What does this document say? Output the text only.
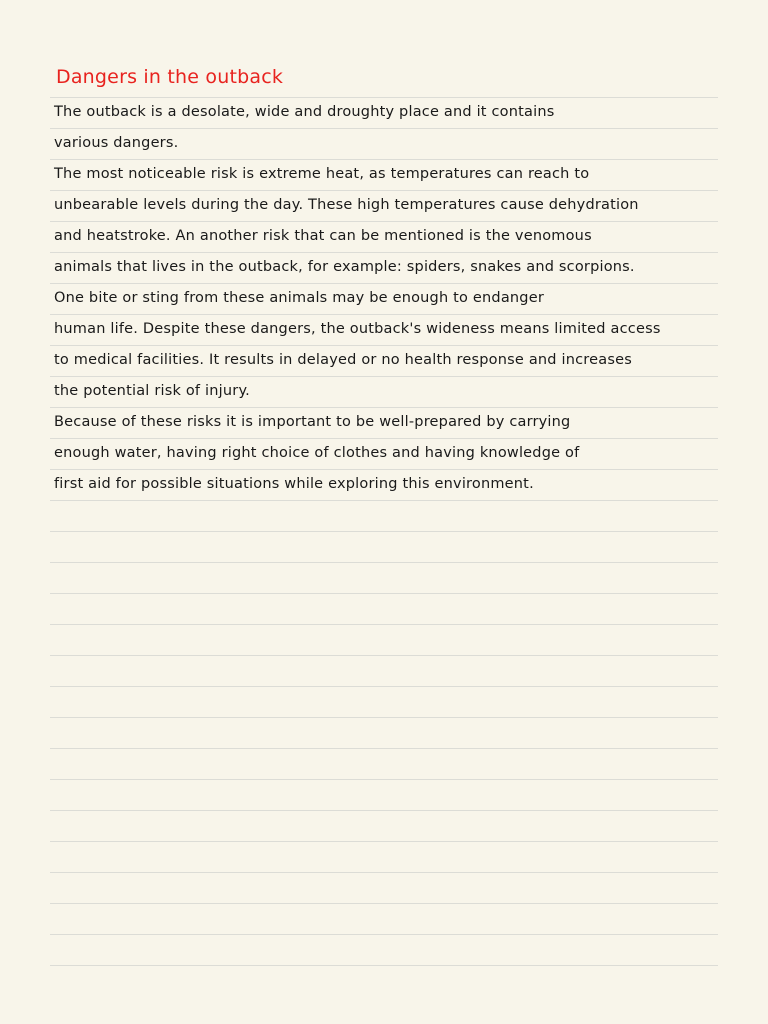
Dangers in the outback
The outback is a desolate, wide and droughty place and it contains
various dangers.
The most noticeable risk is extreme heat, as temperatures can reach to
unbearable levels during the day. These high temperatures cause dehydration
and heatstroke. An another risk that can be mentioned is the venomous
animals that lives in the outback, for example: spiders, snakes and scorpions.
One bite or sting from these animals may be enough to endanger
human life. Despite these dangers, the outback's wideness means limited access
to medical facilities. It results in delayed or no health response and increases
the potential risk of injury.
Because of these risks it is important to be well-prepared by carrying
enough water, having right choice of clothes and having knowledge of
first aid for possible situations while exploring this environment.
